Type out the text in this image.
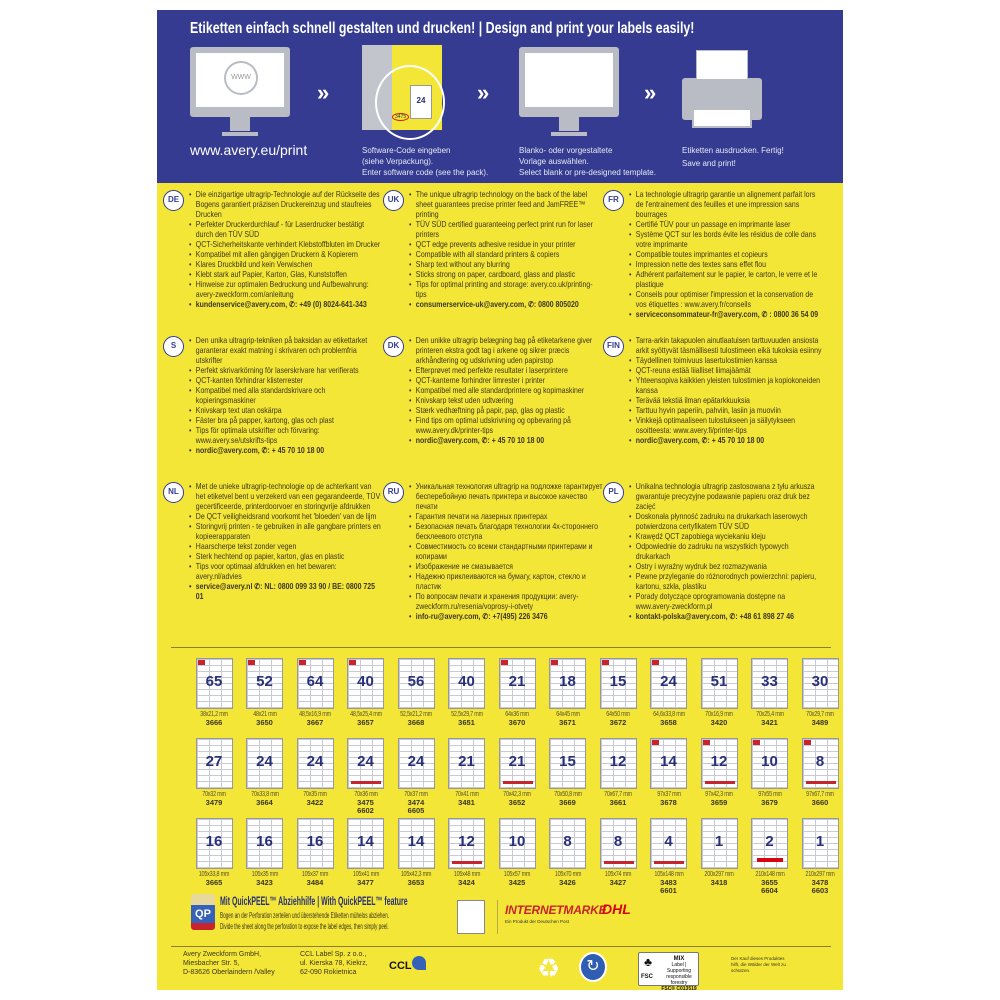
Etiketten einfach schnell gestalten und drucken! | Design and print your labels easily!
WWW
»
www.avery.eu/print
24
3475
Software-Code eingeben
(siehe Verpackung).
Enter software code (see the pack).
»
Blanko- oder vorgestaltete
Vorlage auswählen.
Select blank or pre-designed template.
»
Etiketten ausdrucken. Fertig!
Save and print!
DE
• Die einzigartige ultragrip-Technologie auf der Rückseite des Bogens garantiert präzisen Druckereinzug und staufreies Drucken
• Perfekter Druckerdurchlauf - für Laserdrucker bestätigt durch den TÜV SÜD
• QCT-Sicherheitskante verhindert Klebstoffbluten im Drucker
• Kompatibel mit allen gängigen Druckern & Kopierern
• Klares Druckbild und kein Verwischen
• Klebt stark auf Papier, Karton, Glas, Kunststoffen
• Hinweise zur optimalen Bedruckung und Aufbewahrung: avery-zweckform.com/anleitung
• kundenservice@avery.com, ✆: +49 (0) 8024-641-343
UK
• The unique ultragrip technology on the back of the label sheet guarantees precise printer feed and JamFREE™ printing
• TÜV SÜD certified guaranteeing perfect print run for laser printers
• QCT edge prevents adhesive residue in your printer
• Compatible with all standard printers & copiers
• Sharp text without any blurring
• Sticks strong on paper, cardboard, glass and plastic
• Tips for optimal printing and storage: avery.co.uk/printing-tips
• consumerservice-uk@avery.com, ✆: 0800 805020
FR
• La technologie ultragrip garantie un alignement parfait lors de l'entrainement des feuilles et une impression sans bourrages
• Certifié TÜV pour un passage en imprimante laser
• Système QCT sur les bords évite les résidus de colle dans votre imprimante
• Compatible toutes imprimantes et copieurs
• Impression nette des textes sans effet flou
• Adhérent parfaitement sur le papier, le carton, le verre et le plastique
• Conseils pour optimiser l'impression et la conservation de vos étiquettes : www.avery.fr/conseils
• serviceconsommateur-fr@avery.com, ✆ : 0800 36 54 09
S
• Den unika ultragrip-tekniken på baksidan av etikettarket garanterar exakt matning i skrivaren och problemfria utskrifter
• Perfekt skrivarkörning för laserskrivare har verifierats
• QCT-kanten förhindrar klisterrester
• Kompatibel med alla standardskrivare och kopieringsmaskiner
• Knivskarp text utan oskärpa
• Fäster bra på papper, kartong, glas och plast
• Tips för optimala utskrifter och förvaring: www.avery.se/utskrifts-tips
• nordic@avery.com, ✆: + 45 70 10 18 00
DK
• Den unikke ultragrip belægning bag på etiketarkene giver printeren ekstra godt tag i arkene og sikrer præcis arkhåndtering og udskrivning uden papirstop
• Efterprøvet med perfekte resultater i laserprintere
• QCT-kanterne forhindrer limrester i printer
• Kompatibel med alle standardprintere og kopimaskiner
• Knivskarp tekst uden udtværing
• Stærk vedhæftning på papir, pap, glas og plastic
• Find tips om optimal udskrivning og opbevaring på www.avery.dk/printer-tips
• nordic@avery.com, ✆: + 45 70 10 18 00
FIN
• Tarra-arkin takapuolen ainutlaatuisen tarttuvuuden ansiosta arkit syöttyvät täsmällisesti tulostimeen eikä tukoksia esiinny
• Täydellinen toimivuus lasertulostimien kanssa
• QCT-reuna estää liialliset liimajäämät
• Yhteensopiva kaikkien yleisten tulostimien ja kopiokoneiden kanssa
• Terävää tekstiä ilman epätarkkuuksia
• Tarttuu hyvin paperiin, pahviin, lasiin ja muoviin
• Vinkkejä optimaaliseen tulostukseen ja säilytykseen osoitteesta: www.avery.fi/printer-tips
• nordic@avery.com, ✆: + 45 70 10 18 00
NL
• Met de unieke ultragrip-technologie op de achterkant van het etiketvel bent u verzekerd van een gegarandeerde, TÜV gecertificeerde, printerdoorvoer en storingvrije afdrukken
• De QCT veiligheidsrand voorkomt het 'bloeden' van de lijm
• Storingvrij printen - te gebruiken in alle gangbare printers en kopieerapparaten
• Haarscherpe tekst zonder vegen
• Sterk hechtend op papier, karton, glas en plastic
• Tips voor optimaal afdrukken en het bewaren: avery.nl/advies
• service@avery.nl ✆: NL: 0800 099 33 90 / BE: 0800 725 01
RU
• Уникальная технология ultragrip на подложке гарантирует бесперебойную печать принтера и высокое качество печати
• Гарантия печати на лазерных принтерах
• Безопасная печать благодаря технологии 4х-стороннего бесклеевого отступа
• Совместимость со всеми стандартными принтерами и копирами
• Изображение не смазывается
• Надежно приклеиваются на бумагу, картон, стекло и пластик
• По вопросам печати и хранения продукции: avery-zweckform.ru/resenia/voprosy-i-otvety
• info-ru@avery.com, ✆: +7(495) 226 3476
PL
• Unikalna technologia ultragrip zastosowana z tyłu arkusza gwarantuje precyzyjne podawanie papieru oraz druk bez zacięć
• Doskonała płynność zadruku na drukarkach laserowych potwierdzona certyfikatem TÜV SÜD
• Krawędź QCT zapobiega wyciekaniu kleju
• Odpowiednie do zadruku na wszystkich typowych drukarkach
• Ostry i wyraźny wydruk bez rozmazywania
• Pewne przyleganie do różnorodnych powierzchni: papieru, kartonu, szkła, plastiku
• Porady dotyczące oprogramowania dostępne na www.avery-zweckform.pl
• kontakt-polska@avery.com, ✆: +48 61 898 27 46
65
38x21,2 mm
3666
52
48x21 mm
3650
64
48,5x16,9 mm
3667
40
48,5x25,4 mm
3657
56
52,5x21,2 mm
3668
40
52,5x29,7 mm
3651
21
64x36 mm
3670
18
64x45 mm
3671
15
64x50 mm
3672
24
64,6x33,8 mm
3658
51
70x16,9 mm
3420
33
70x25,4 mm
3421
30
70x29,7 mm
3489
27
70x32 mm
3479
24
70x33,8 mm
3664
24
70x35 mm
3422
24
70x36 mm
3475
6602
24
70x37 mm
3474
6605
21
70x41 mm
3481
21
70x42,3 mm
3652
15
70x50,8 mm
3669
12
70x67,7 mm
3661
14
97x37 mm
3678
12
97x42,3 mm
3659
10
97x55 mm
3679
8
97x67,7 mm
3660
16
105x33,8 mm
3665
16
105x35 mm
3423
16
105x37 mm
3484
14
105x41 mm
3477
14
105x42,3 mm
3653
12
105x48 mm
3424
10
105x57 mm
3425
8
105x70 mm
3426
8
105x74 mm
3427
4
105x148 mm
3483
6601
1
200x297 mm
3418
2
210x148 mm
3655
6604
1
210x297 mm
3478
6603
QP
Mit QuickPEEL™ Abziehhilfe | With QuickPEEL™ feature
Bogen an der Perforation zerteilen und überstehende Etiketten mühelos abziehen.
Divide the sheet along the perforation to expose the label edges, then simply peel.
INTERNETMARKE
Ein Produkt der Deutschen Post
DHL
Avery Zweckform GmbH,
Miesbacher Str. 5,
D-83626 Oberlaindern /Valley
CCL Label Sp. z o.o.,
ul. Kierska 78, Kiekrz,
62-090 Rokietnica
CCL	♻	↻	♣
FSC
MIX
Label | Supporting responsible forestry
FSC® C013519
Der Kauf dieses Produktes hilft, die Wälder der Welt zu schützen.
